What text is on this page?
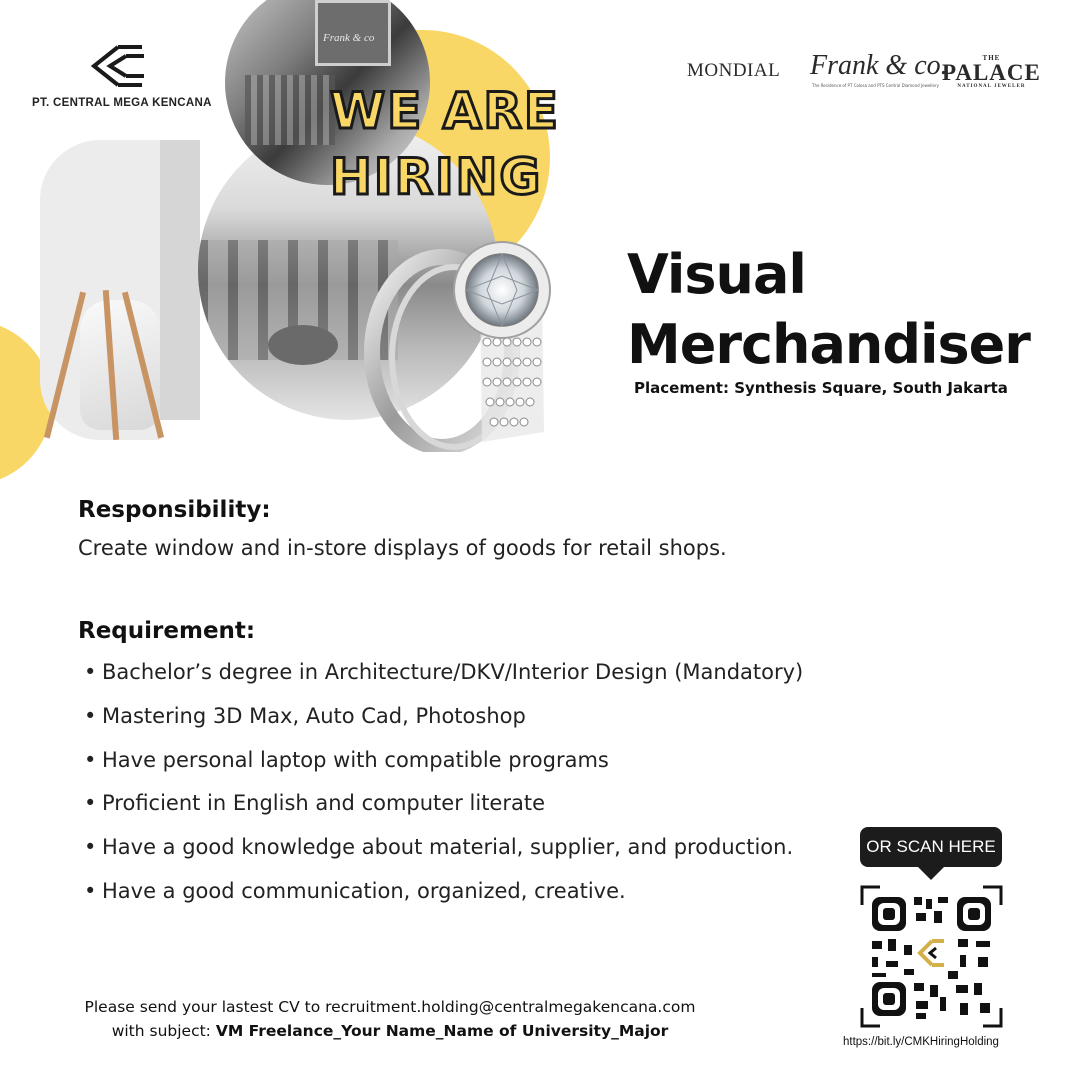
Frank & co
WE ARE
HIRING
PT. CENTRAL MEGA KENCANA
MONDIAL Frank & co.
The Residence of PT Colosa and PTS Central Diamond Jewellery
THE
PALACE
NATIONAL JEWELER
Visual
Merchandiser
Placement: Synthesis Square, South Jakarta
Responsibility:
Create window and in-store displays of goods for retail shops.
Requirement:
• Bachelor’s degree in Architecture/DKV/Interior Design (Mandatory)
• Mastering 3D Max, Auto Cad, Photoshop
• Have personal laptop with compatible programs
• Proficient in English and computer literate
• Have a good knowledge about material, supplier, and production.
• Have a good communication, organized, creative.
Please send your lastest CV to recruitment.holding@centralmegakencana.com
with subject: VM Freelance_Your Name_Name of University_Major
OR SCAN HERE
https://bit.ly/CMKHiringHolding
